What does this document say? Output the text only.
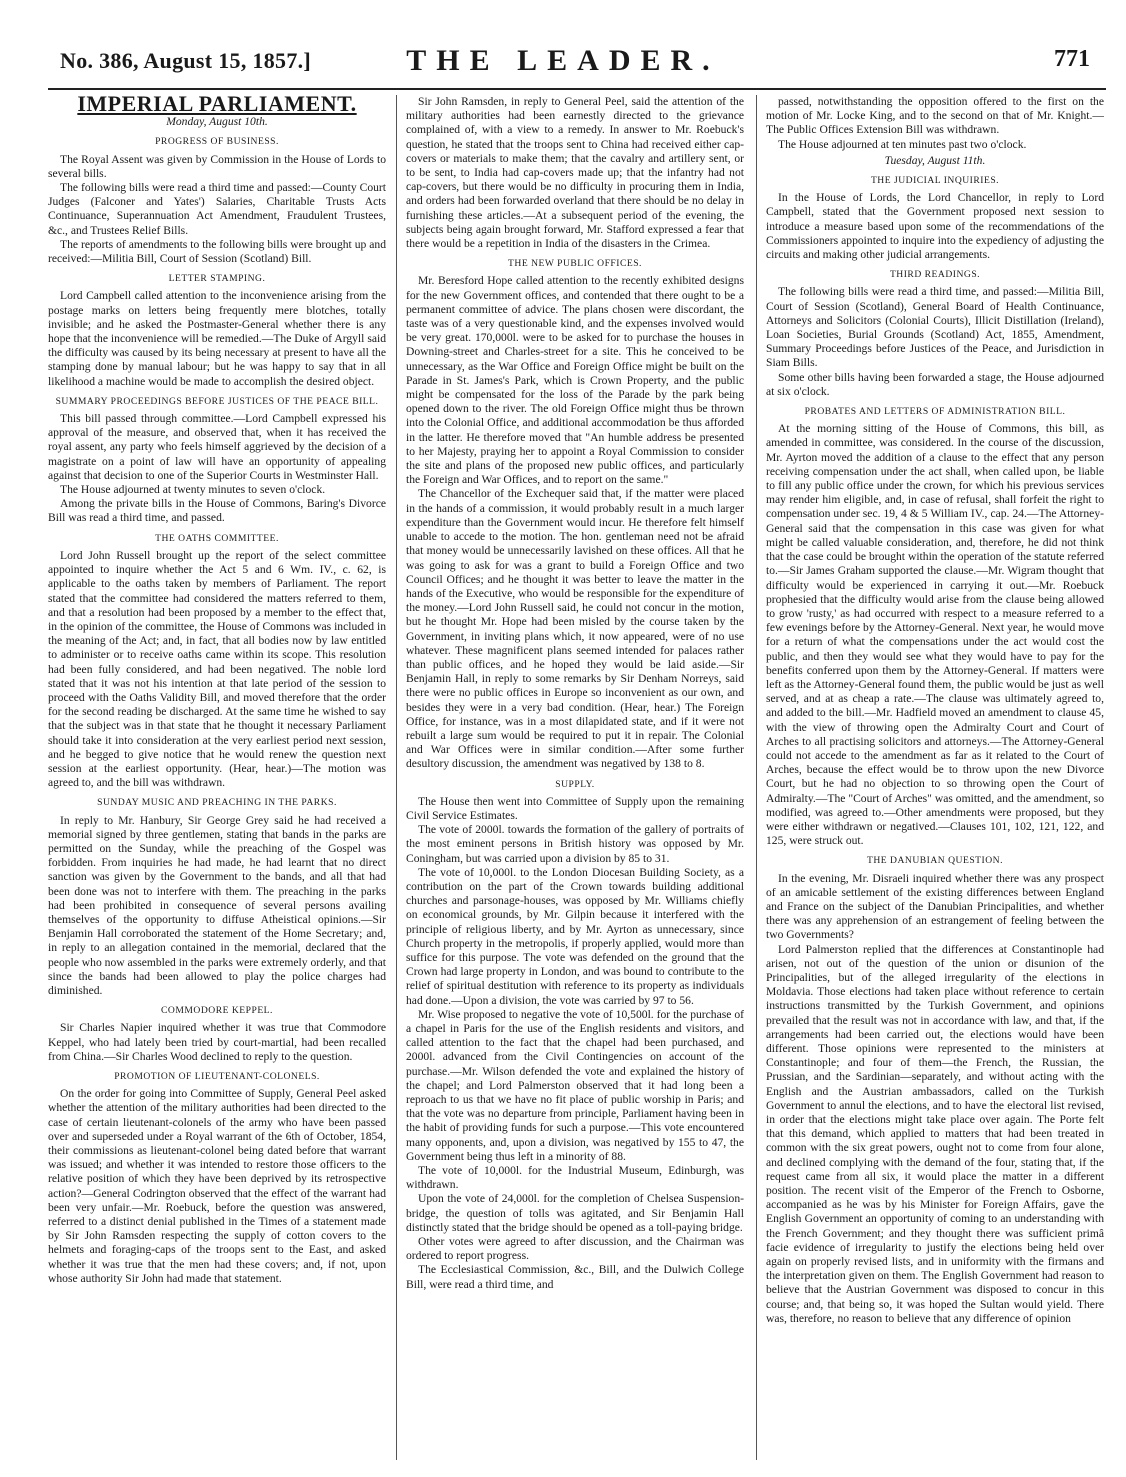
No. 386, August 15, 1857.]	THE LEADER.	771

IMPERIAL PARLIAMENT.

Monday, August 10th.

PROGRESS OF BUSINESS.

The Royal Assent was given by Commission in the House of Lords to several bills.

The following bills were read a third time and passed:—County Court Judges (Falconer and Yates') Salaries, Charitable Trusts Acts Continuance, Superannuation Act Amendment, Fraudulent Trustees, &c., and Trustees Relief Bills.

The reports of amendments to the following bills were brought up and received:—Militia Bill, Court of Session (Scotland) Bill.

LETTER STAMPING.

Lord Campbell called attention to the inconvenience arising from the postage marks on letters being frequently mere blotches, totally invisible; and he asked the Postmaster-General whether there is any hope that the inconvenience will be remedied.—The Duke of Argyll said the difficulty was caused by its being necessary at present to have all the stamping done by manual labour; but he was happy to say that in all likelihood a machine would be made to accomplish the desired object.

SUMMARY PROCEEDINGS BEFORE JUSTICES OF THE PEACE BILL.

This bill passed through committee.—Lord Campbell expressed his approval of the measure, and observed that, when it has received the royal assent, any party who feels himself aggrieved by the decision of a magistrate on a point of law will have an opportunity of appealing against that decision to one of the Superior Courts in Westminster Hall.

The House adjourned at twenty minutes to seven o'clock.

Among the private bills in the House of Commons, Baring's Divorce Bill was read a third time, and passed.

THE OATHS COMMITTEE.

Lord John Russell brought up the report of the select committee appointed to inquire whether the Act 5 and 6 Wm. IV., c. 62, is applicable to the oaths taken by members of Parliament. The report stated that the committee had considered the matters referred to them, and that a resolution had been proposed by a member to the effect that, in the opinion of the committee, the House of Commons was included in the meaning of the Act; and, in fact, that all bodies now by law entitled to administer or to receive oaths came within its scope. This resolution had been fully considered, and had been negatived. The noble lord stated that it was not his intention at that late period of the session to proceed with the Oaths Validity Bill, and moved therefore that the order for the second reading be discharged. At the same time he wished to say that the subject was in that state that he thought it necessary Parliament should take it into consideration at the very earliest period next session, and he begged to give notice that he would renew the question next session at the earliest opportunity. (Hear, hear.)—The motion was agreed to, and the bill was withdrawn.

SUNDAY MUSIC AND PREACHING IN THE PARKS.

In reply to Mr. Hanbury, Sir George Grey said he had received a memorial signed by three gentlemen, stating that bands in the parks are permitted on the Sunday, while the preaching of the Gospel was forbidden. From inquiries he had made, he had learnt that no direct sanction was given by the Government to the bands, and all that had been done was not to interfere with them. The preaching in the parks had been prohibited in consequence of several persons availing themselves of the opportunity to diffuse Atheistical opinions.—Sir Benjamin Hall corroborated the statement of the Home Secretary; and, in reply to an allegation contained in the memorial, declared that the people who now assembled in the parks were extremely orderly, and that since the bands had been allowed to play the police charges had diminished.

COMMODORE KEPPEL.

Sir Charles Napier inquired whether it was true that Commodore Keppel, who had lately been tried by court-martial, had been recalled from China.—Sir Charles Wood declined to reply to the question.

PROMOTION OF LIEUTENANT-COLONELS.

On the order for going into Committee of Supply, General Peel asked whether the attention of the military authorities had been directed to the case of certain lieutenant-colonels of the army who have been passed over and superseded under a Royal warrant of the 6th of October, 1854, their commissions as lieutenant-colonel being dated before that warrant was issued; and whether it was intended to restore those officers to the relative position of which they have been deprived by its retrospective action?—General Codrington observed that the effect of the warrant had been very unfair.—Mr. Roebuck, before the question was answered, referred to a distinct denial published in the Times of a statement made by Sir John Ramsden respecting the supply of cotton covers to the helmets and foraging-caps of the troops sent to the East, and asked whether it was true that the men had these covers; and, if not, upon whose authority Sir John had made that statement.

Sir John Ramsden, in reply to General Peel, said the attention of the military authorities had been earnestly directed to the grievance complained of, with a view to a remedy. In answer to Mr. Roebuck's question, he stated that the troops sent to China had received either cap-covers or materials to make them; that the cavalry and artillery sent, or to be sent, to India had cap-covers made up; that the infantry had not cap-covers, but there would be no difficulty in procuring them in India, and orders had been forwarded overland that there should be no delay in furnishing these articles.—At a subsequent period of the evening, the subjects being again brought forward, Mr. Stafford expressed a fear that there would be a repetition in India of the disasters in the Crimea.

THE NEW PUBLIC OFFICES.

Mr. Beresford Hope called attention to the recently exhibited designs for the new Government offices, and contended that there ought to be a permanent committee of advice. The plans chosen were discordant, the taste was of a very questionable kind, and the expenses involved would be very great. 170,000l. were to be asked for to purchase the houses in Downing-street and Charles-street for a site. This he conceived to be unnecessary, as the War Office and Foreign Office might be built on the Parade in St. James's Park, which is Crown Property, and the public might be compensated for the loss of the Parade by the park being opened down to the river. The old Foreign Office might thus be thrown into the Colonial Office, and additional accommodation be thus afforded in the latter. He therefore moved that "An humble address be presented to her Majesty, praying her to appoint a Royal Commission to consider the site and plans of the proposed new public offices, and particularly the Foreign and War Offices, and to report on the same."

The Chancellor of the Exchequer said that, if the matter were placed in the hands of a commission, it would probably result in a much larger expenditure than the Government would incur. He therefore felt himself unable to accede to the motion. The hon. gentleman need not be afraid that money would be unnecessarily lavished on these offices. All that he was going to ask for was a grant to build a Foreign Office and two Council Offices; and he thought it was better to leave the matter in the hands of the Executive, who would be responsible for the expenditure of the money.—Lord John Russell said, he could not concur in the motion, but he thought Mr. Hope had been misled by the course taken by the Government, in inviting plans which, it now appeared, were of no use whatever. These magnificent plans seemed intended for palaces rather than public offices, and he hoped they would be laid aside.—Sir Benjamin Hall, in reply to some remarks by Sir Denham Norreys, said there were no public offices in Europe so inconvenient as our own, and besides they were in a very bad condition. (Hear, hear.) The Foreign Office, for instance, was in a most dilapidated state, and if it were not rebuilt a large sum would be required to put it in repair. The Colonial and War Offices were in similar condition.—After some further desultory discussion, the amendment was negatived by 138 to 8.

SUPPLY.

The House then went into Committee of Supply upon the remaining Civil Service Estimates.

The vote of 2000l. towards the formation of the gallery of portraits of the most eminent persons in British history was opposed by Mr. Coningham, but was carried upon a division by 85 to 31.

The vote of 10,000l. to the London Diocesan Building Society, as a contribution on the part of the Crown towards building additional churches and parsonage-houses, was opposed by Mr. Williams chiefly on economical grounds, by Mr. Gilpin because it interfered with the principle of religious liberty, and by Mr. Ayrton as unnecessary, since Church property in the metropolis, if properly applied, would more than suffice for this purpose. The vote was defended on the ground that the Crown had large property in London, and was bound to contribute to the relief of spiritual destitution with reference to its property as individuals had done.—Upon a division, the vote was carried by 97 to 56.

Mr. Wise proposed to negative the vote of 10,500l. for the purchase of a chapel in Paris for the use of the English residents and visitors, and called attention to the fact that the chapel had been purchased, and 2000l. advanced from the Civil Contingencies on account of the purchase.—Mr. Wilson defended the vote and explained the history of the chapel; and Lord Palmerston observed that it had long been a reproach to us that we have no fit place of public worship in Paris; and that the vote was no departure from principle, Parliament having been in the habit of providing funds for such a purpose.—This vote encountered many opponents, and, upon a division, was negatived by 155 to 47, the Government being thus left in a minority of 88.

The vote of 10,000l. for the Industrial Museum, Edinburgh, was withdrawn.

Upon the vote of 24,000l. for the completion of Chelsea Suspension-bridge, the question of tolls was agitated, and Sir Benjamin Hall distinctly stated that the bridge should be opened as a toll-paying bridge.

Other votes were agreed to after discussion, and the Chairman was ordered to report progress.

The Ecclesiastical Commission, &c., Bill, and the Dulwich College Bill, were read a third time, and

passed, notwithstanding the opposition offered to the first on the motion of Mr. Locke King, and to the second on that of Mr. Knight.—The Public Offices Extension Bill was withdrawn.

The House adjourned at ten minutes past two o'clock.

Tuesday, August 11th.

THE JUDICIAL INQUIRIES.

In the House of Lords, the Lord Chancellor, in reply to Lord Campbell, stated that the Government proposed next session to introduce a measure based upon some of the recommendations of the Commissioners appointed to inquire into the expediency of adjusting the circuits and making other judicial arrangements.

THIRD READINGS.

The following bills were read a third time, and passed:—Militia Bill, Court of Session (Scotland), General Board of Health Continuance, Attorneys and Solicitors (Colonial Courts), Illicit Distillation (Ireland), Loan Societies, Burial Grounds (Scotland) Act, 1855, Amendment, Summary Proceedings before Justices of the Peace, and Jurisdiction in Siam Bills.

Some other bills having been forwarded a stage, the House adjourned at six o'clock.

PROBATES AND LETTERS OF ADMINISTRATION BILL.

At the morning sitting of the House of Commons, this bill, as amended in committee, was considered. In the course of the discussion, Mr. Ayrton moved the addition of a clause to the effect that any person receiving compensation under the act shall, when called upon, be liable to fill any public office under the crown, for which his previous services may render him eligible, and, in case of refusal, shall forfeit the right to compensation under sec. 19, 4 & 5 William IV., cap. 24.—The Attorney-General said that the compensation in this case was given for what might be called valuable consideration, and, therefore, he did not think that the case could be brought within the operation of the statute referred to.—Sir James Graham supported the clause.—Mr. Wigram thought that difficulty would be experienced in carrying it out.—Mr. Roebuck prophesied that the difficulty would arise from the clause being allowed to grow 'rusty,' as had occurred with respect to a measure referred to a few evenings before by the Attorney-General. Next year, he would move for a return of what the compensations under the act would cost the public, and then they would see what they would have to pay for the benefits conferred upon them by the Attorney-General. If matters were left as the Attorney-General found them, the public would be just as well served, and at as cheap a rate.—The clause was ultimately agreed to, and added to the bill.—Mr. Hadfield moved an amendment to clause 45, with the view of throwing open the Admiralty Court and Court of Arches to all practising solicitors and attorneys.—The Attorney-General could not accede to the amendment as far as it related to the Court of Arches, because the effect would be to throw upon the new Divorce Court, but he had no objection to so throwing open the Court of Admiralty.—The "Court of Arches" was omitted, and the amendment, so modified, was agreed to.—Other amendments were proposed, but they were either withdrawn or negatived.—Clauses 101, 102, 121, 122, and 125, were struck out.

THE DANUBIAN QUESTION.

In the evening, Mr. Disraeli inquired whether there was any prospect of an amicable settlement of the existing differences between England and France on the subject of the Danubian Principalities, and whether there was any apprehension of an estrangement of feeling between the two Governments?

Lord Palmerston replied that the differences at Constantinople had arisen, not out of the question of the union or disunion of the Principalities, but of the alleged irregularity of the elections in Moldavia. Those elections had taken place without reference to certain instructions transmitted by the Turkish Government, and opinions prevailed that the result was not in accordance with law, and that, if the arrangements had been carried out, the elections would have been different. Those opinions were represented to the ministers at Constantinople; and four of them—the French, the Russian, the Prussian, and the Sardinian—separately, and without acting with the English and the Austrian ambassadors, called on the Turkish Government to annul the elections, and to have the electoral list revised, in order that the elections might take place over again. The Porte felt that this demand, which applied to matters that had been treated in common with the six great powers, ought not to come from four alone, and declined complying with the demand of the four, stating that, if the request came from all six, it would place the matter in a different position. The recent visit of the Emperor of the French to Osborne, accompanied as he was by his Minister for Foreign Affairs, gave the English Government an opportunity of coming to an understanding with the French Government; and they thought there was sufficient primâ facie evidence of irregularity to justify the elections being held over again on properly revised lists, and in uniformity with the firmans and the interpretation given on them. The English Government had reason to believe that the Austrian Government was disposed to concur in this course; and, that being so, it was hoped the Sultan would yield. There was, therefore, no reason to believe that any difference of opinion
